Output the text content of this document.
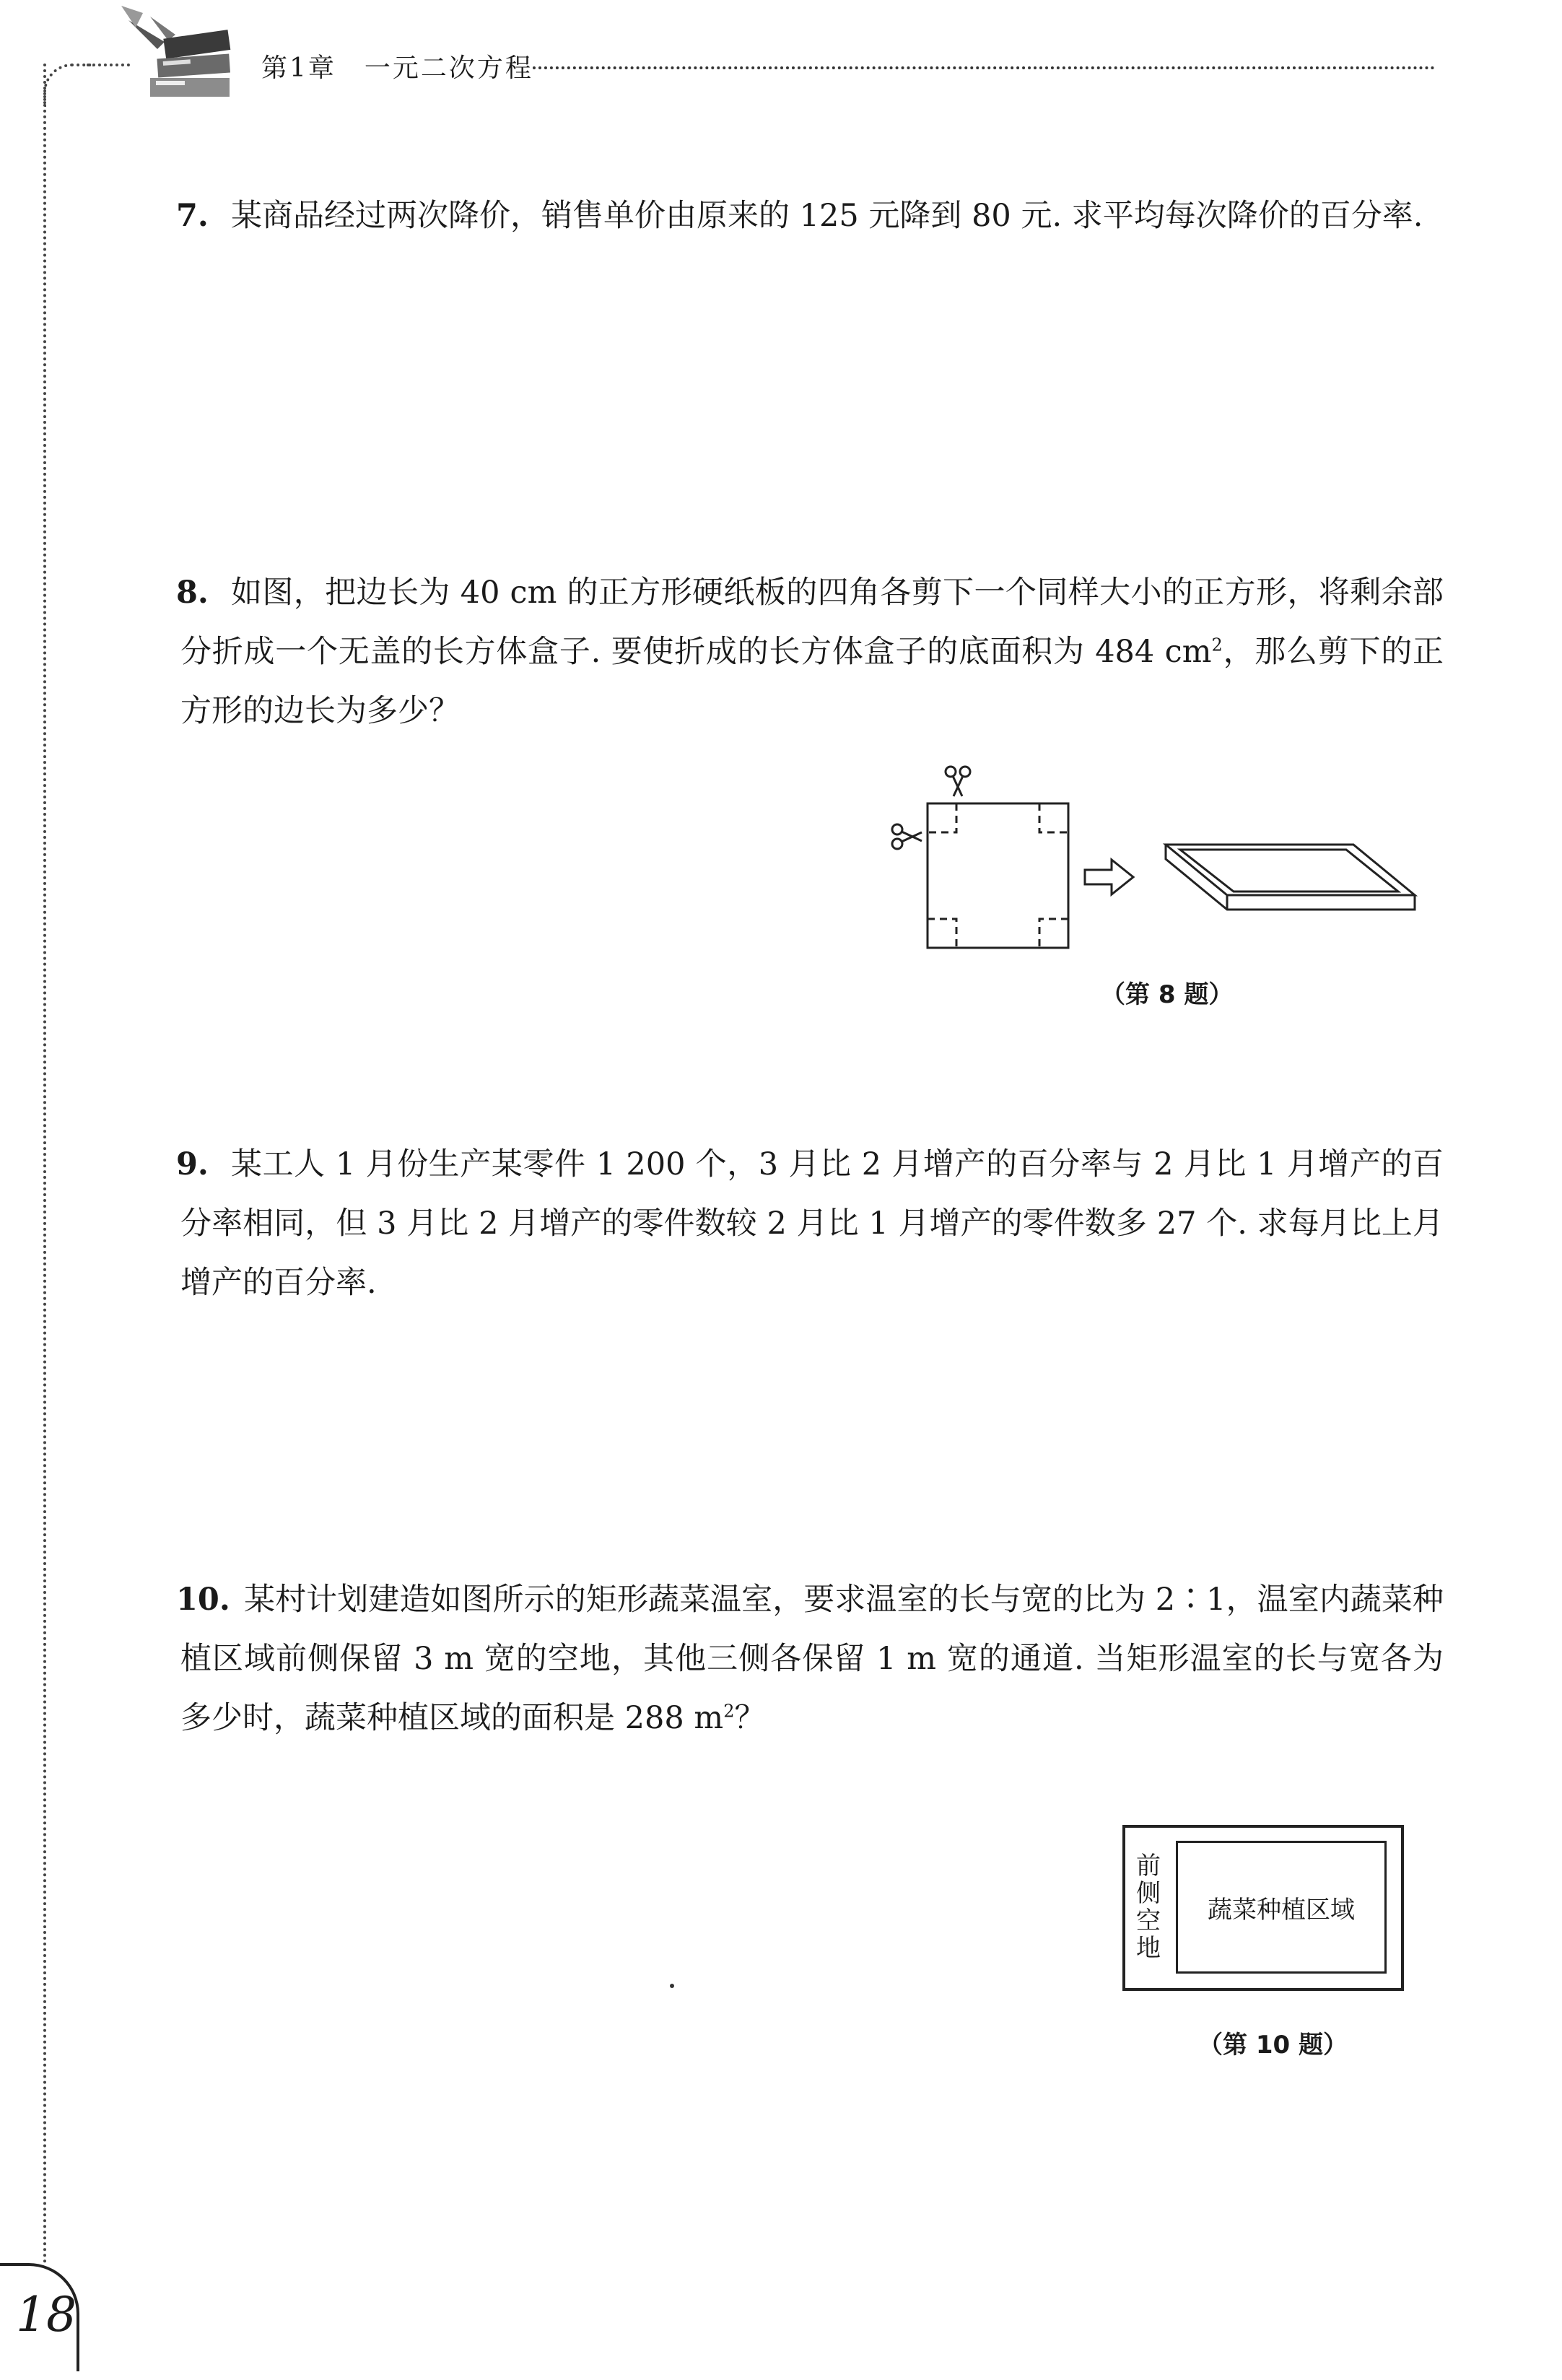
第1章　一元二次方程
7. 某商品经过两次降价，销售单价由原来的 125 元降到 80 元. 求平均每次降价的百分率.
8. 如图，把边长为 40 cm 的正方形硬纸板的四角各剪下一个同样大小的正方形，将剩余部分折成一个无盖的长方体盒子. 要使折成的长方体盒子的底面积为 484 $cm^2$，那么剪下的正方形的边长为多少？
（第 8 题）
9. 某工人 1 月份生产某零件 1 200 个，3 月比 2 月增产的百分率与 2 月比 1 月增产的百分率相同，但 3 月比 2 月增产的零件数较 2 月比 1 月增产的零件数多 27 个. 求每月比上月增产的百分率.
10. 某村计划建造如图所示的矩形蔬菜温室，要求温室的长与宽的比为 2∶1，温室内蔬菜种植区域前侧保留 3 m 宽的空地，其他三侧各保留 1 m 宽的通道. 当矩形温室的长与宽各为多少时，蔬菜种植区域的面积是 288 $m^2$？
前侧空地
蔬菜种植区域
（第 10 题）
18
